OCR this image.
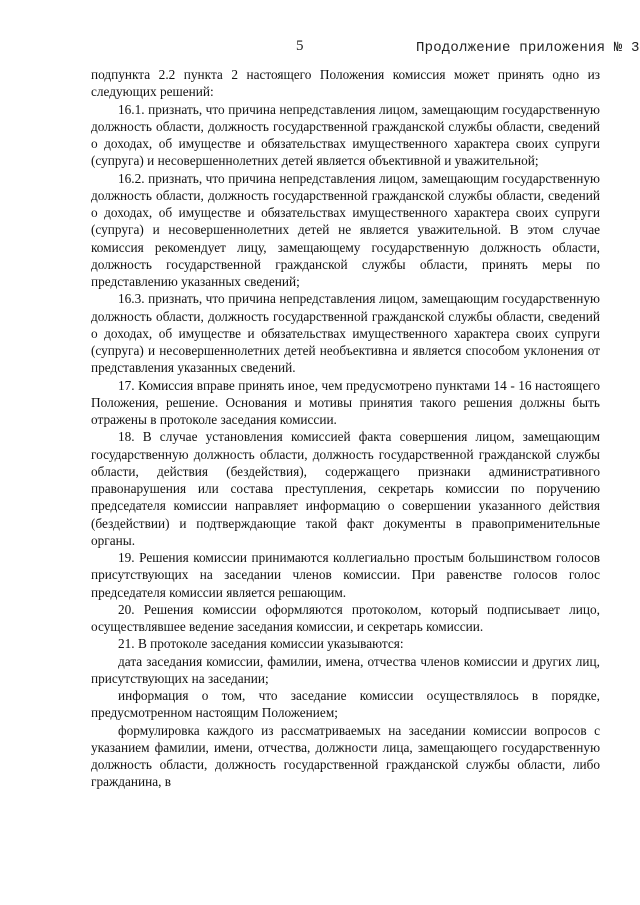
5	Продолжение приложения № 3

подпункта 2.2 пункта 2 настоящего Положения комиссия может принять одно из следующих решений:

16.1. признать, что причина непредставления лицом, замещающим государственную должность области, должность государственной гражданской службы области, сведений о доходах, об имуществе и обязательствах имущественного характера своих супруги (супруга) и несовершеннолетних детей является объективной и уважительной;

16.2. признать, что причина непредставления лицом, замещающим государственную должность области, должность государственной гражданской службы области, сведений о доходах, об имуществе и обязательствах имущественного характера своих супруги (супруга) и несовершеннолетних детей не является уважительной. В этом случае комиссия рекомендует лицу, замещающему государственную должность области, должность государственной гражданской службы области, принять меры по представлению указанных сведений;

16.3. признать, что причина непредставления лицом, замещающим государственную должность области, должность государственной гражданской службы области, сведений о доходах, об имуществе и обязательствах имущественного характера своих супруги (супруга) и несовершеннолетних детей необъективна и является способом уклонения от представления указанных сведений.

17. Комиссия вправе принять иное, чем предусмотрено пунктами 14 - 16 настоящего Положения, решение. Основания и мотивы принятия такого решения должны быть отражены в протоколе заседания комиссии.

18. В случае установления комиссией факта совершения лицом, замещающим государственную должность области, должность государственной гражданской службы области, действия (бездействия), содержащего признаки административного правонарушения или состава преступления, секретарь комиссии по поручению председателя комиссии направляет информацию о совершении указанного действия (бездействии) и подтверждающие такой факт документы в правоприменительные органы.

19. Решения комиссии принимаются коллегиально простым большинством голосов присутствующих на заседании членов комиссии. При равенстве голосов голос председателя комиссии является решающим.

20. Решения комиссии оформляются протоколом, который подписывает лицо, осуществлявшее ведение заседания комиссии, и секретарь комиссии.

21. В протоколе заседания комиссии указываются:

дата заседания комиссии, фамилии, имена, отчества членов комиссии и других лиц, присутствующих на заседании;

информация о том, что заседание комиссии осуществлялось в порядке, предусмотренном настоящим Положением;

формулировка каждого из рассматриваемых на заседании комиссии вопросов с указанием фамилии, имени, отчества, должности лица, замещающего государственную должность области, должность государственной гражданской службы области, либо гражданина, в
